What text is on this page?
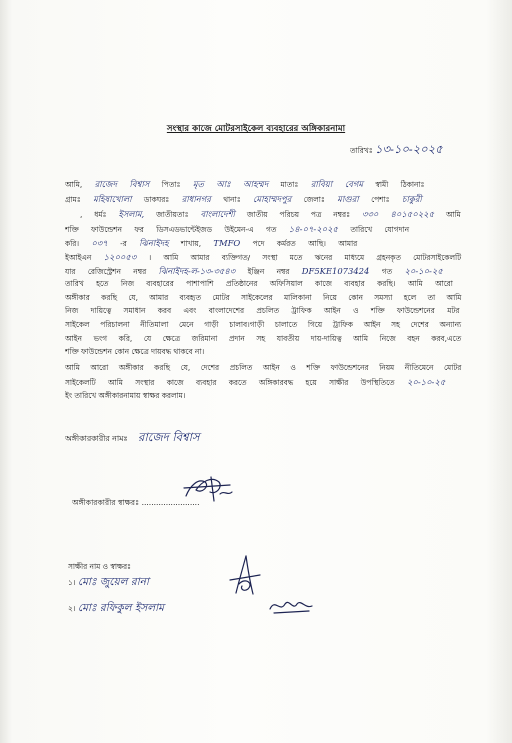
সংস্থার কাজে মোটরসাইকেল ব্যবহারের অঙ্গিকারনামা
তারিখঃ ১৩-১০-২০২৫
আমি, রাজেদ বিশ্বাস পিতাঃ মৃত আঃ আহম্মদ মাতাঃ রাবিয়া বেগম স্বামী ঠিকানাঃ
গ্রামঃ মহিষাখোলা ডাকঘরঃ রাধানগর থানাঃ মোহাম্মদপুর জেলাঃ মাগুরা পেশাঃ চাকুরী
, ধর্মঃ ইসলাম, জাতীয়তাঃ বাংলাদেশী জাতীয় পরিচয় পত্র নম্বরঃ ৩৩০ ৪০১৫০২২৫ আমি
শক্তি ফাউন্ডেশন ফর ডিসএডভান্টেইজড উইমেন-এ গত ১৪-০৭-২০২৫ তারিখে যোগদান
করি। ০৩৭ -র ঝিনাইদহ শাখায়, TMFO পদে কর্মরত আছি। আমার
ইআইএন ১২০০৫৩ । আমি আমার ব্যক্তিগত/ সংস্থা মতে ঋনের মাধ্যমে গ্রহনকৃত মোটরসাইকেলটি
যার রেজিস্ট্রেশন নম্বর ঝিনাইদহ-ল-১৩-৩৫৪৩ ইঞ্জিন নম্বর DF5KE1073424 গত ২০-১০-২৫
তারিখ হতে নিজ ব্যবহারের পাশাপাশি প্রতিষ্ঠানের অফিসিয়াল কাজে ব্যবহার করছি। আমি আরো
অঙ্গীকার করছি যে, আমার ব্যবহৃত মোটর সাইকেলের মালিকানা নিয়ে কোন সমস্যা হলে তা আমি
নিজ দায়িত্বে সমাধান করব এবং বাংলাদেশের প্রচলিত ট্রাফিক আইন ও শক্তি ফাউন্ডেশনের মটর
সাইকেল পরিচালনা নীতিমালা মেনে গাড়ী চালাব।গাড়ী চালাতে গিয়ে ট্রাফিক আইন সহ দেশের অন্যান্য
আইন ভংগ করি, যে ক্ষেত্রে জরিমানা প্রদান সহ যাবতীয় দায়-দায়িত্ব আমি নিজে বহন করব,এতে
শক্তি ফাউন্ডেশন কোন ক্ষেত্রে দায়বদ্ধ থাকবে না।
আমি আরো অঙ্গীকার করছি যে, দেশের প্রচলিত আইন ও শক্তি ফাউন্ডেশনের নিয়ম নীতিমেনে মোটর
সাইকেলটি আমি সংস্থার কাজে ব্যবহার করতে অঙ্গিকারবদ্ধ হয়ে সাক্ষীর উপস্থিতিতে ২০-১০-২৫
ইং তারিখে অঙ্গীকারনামায় স্বাক্ষর করলাম।
অঙ্গীকারকারীর নামঃ রাজেদ বিশ্বাস
অঙ্গীকারকারীর স্বাক্ষরঃ ........................
সাক্ষীর নাম ও স্বাক্ষরঃ
১। মোঃ জুয়েল রানা
২। মোঃ রফিকুল ইসলাম
